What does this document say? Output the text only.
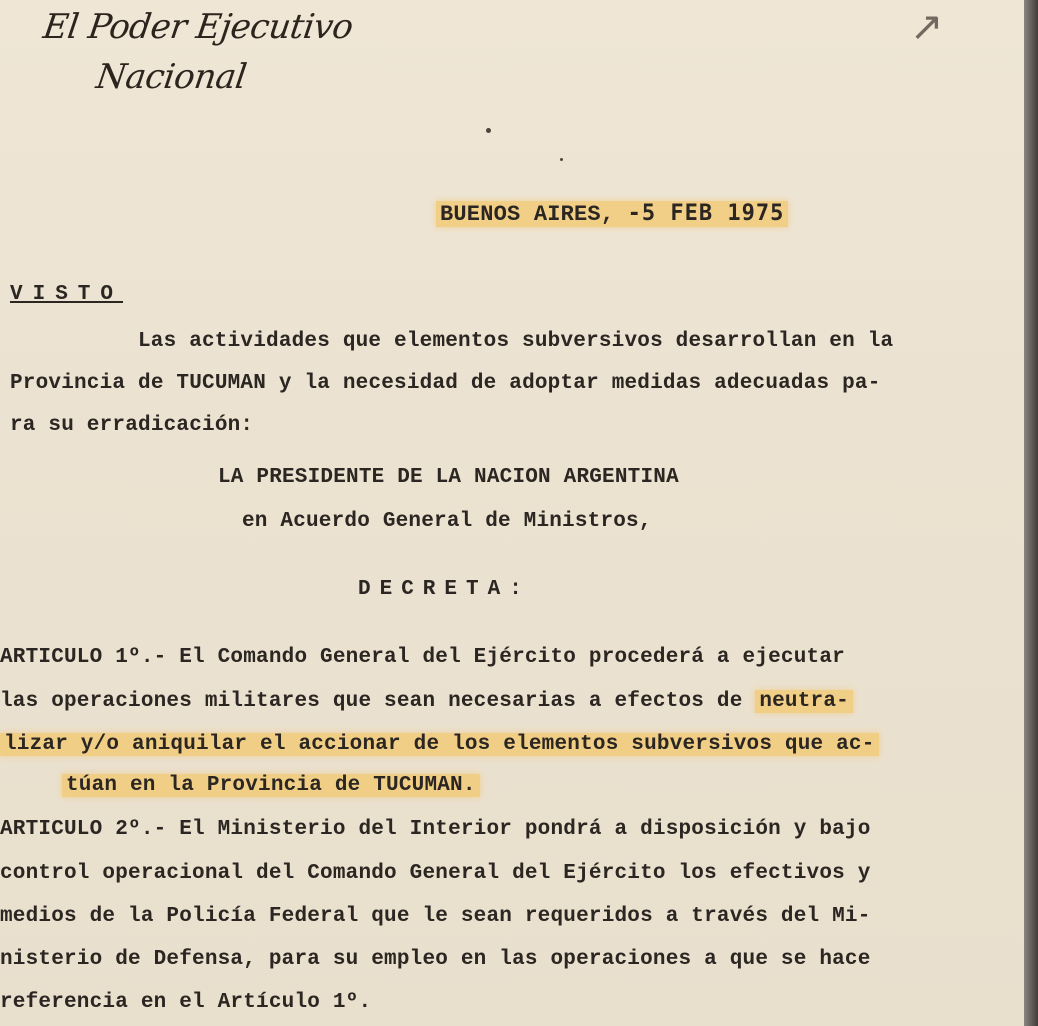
El Poder Ejecutivo
Nacional
↗
BUENOS AIRES, -5 FEB 1975
VISTO
Las actividades que elementos subversivos desarrollan en la
Provincia de TUCUMAN y la necesidad de adoptar medidas adecuadas pa-
ra su erradicación:
LA PRESIDENTE DE LA NACION ARGENTINA
en Acuerdo General de Ministros,
DECRETA:
ARTICULO 1º.- El Comando General del Ejército procederá a ejecutar
las operaciones militares que sean necesarias a efectos de neutra-
lizar y/o aniquilar el accionar de los elementos subversivos que ac-
túan en la Provincia de TUCUMAN.
ARTICULO 2º.- El Ministerio del Interior pondrá a disposición y bajo
control operacional del Comando General del Ejército los efectivos y
medios de la Policía Federal que le sean requeridos a través del Mi-
nisterio de Defensa, para su empleo en las operaciones a que se hace
referencia en el Artículo 1º.
